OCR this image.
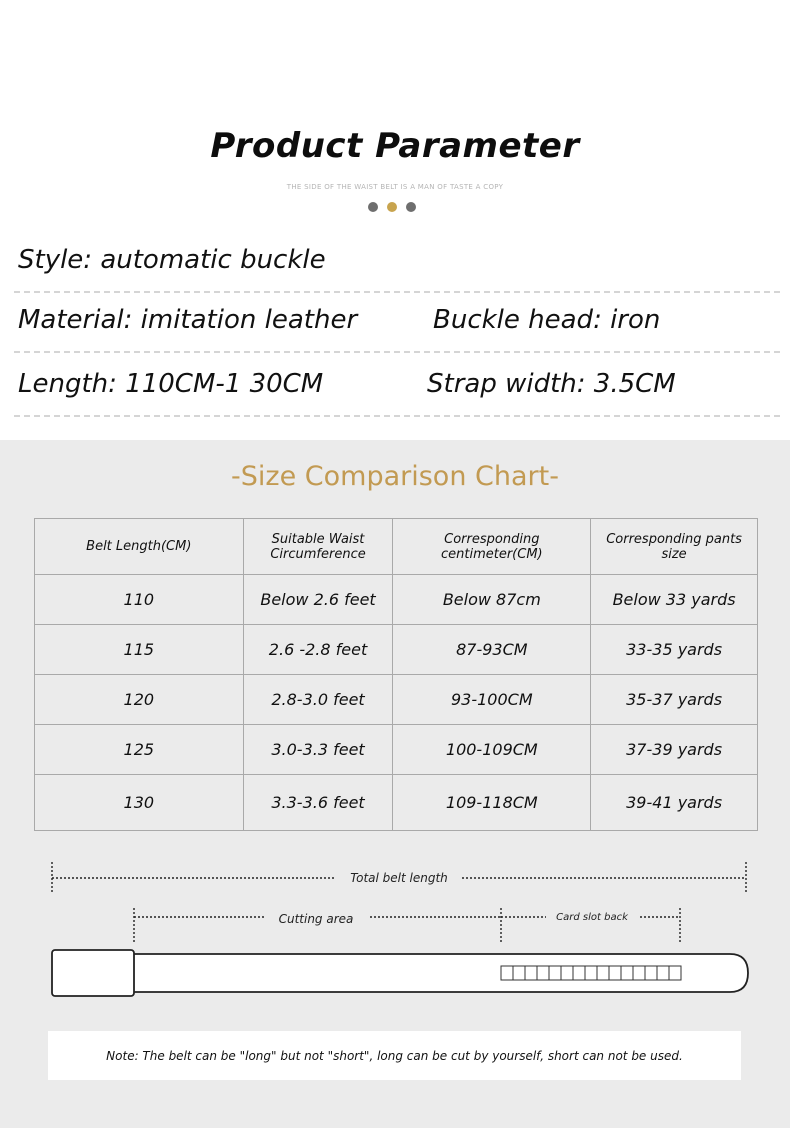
Product Parameter
THE SIDE OF THE WAIST BELT IS A MAN OF TASTE A COPY
Style: automatic buckle
Material: imitation leather	Buckle head: iron
Length: 110CM-1 30CM	Strap width: 3.5CM
-Size Comparison Chart-
Belt Length(CM)	Suitable Waist Circumference	Corresponding centimeter(CM)	Corresponding pants size
110	Below 2.6 feet	Below 87cm	Below 33 yards
115	2.6 -2.8 feet	87-93CM	33-35 yards
120	2.8-3.0 feet	93-100CM	35-37 yards
125	3.0-3.3 feet	100-109CM	37-39 yards
130	3.3-3.6 feet	109-118CM	39-41 yards
Total belt length
Cutting area	Card slot back
Note: The belt can be "long" but not "short", long can be cut by yourself, short can not be used.
